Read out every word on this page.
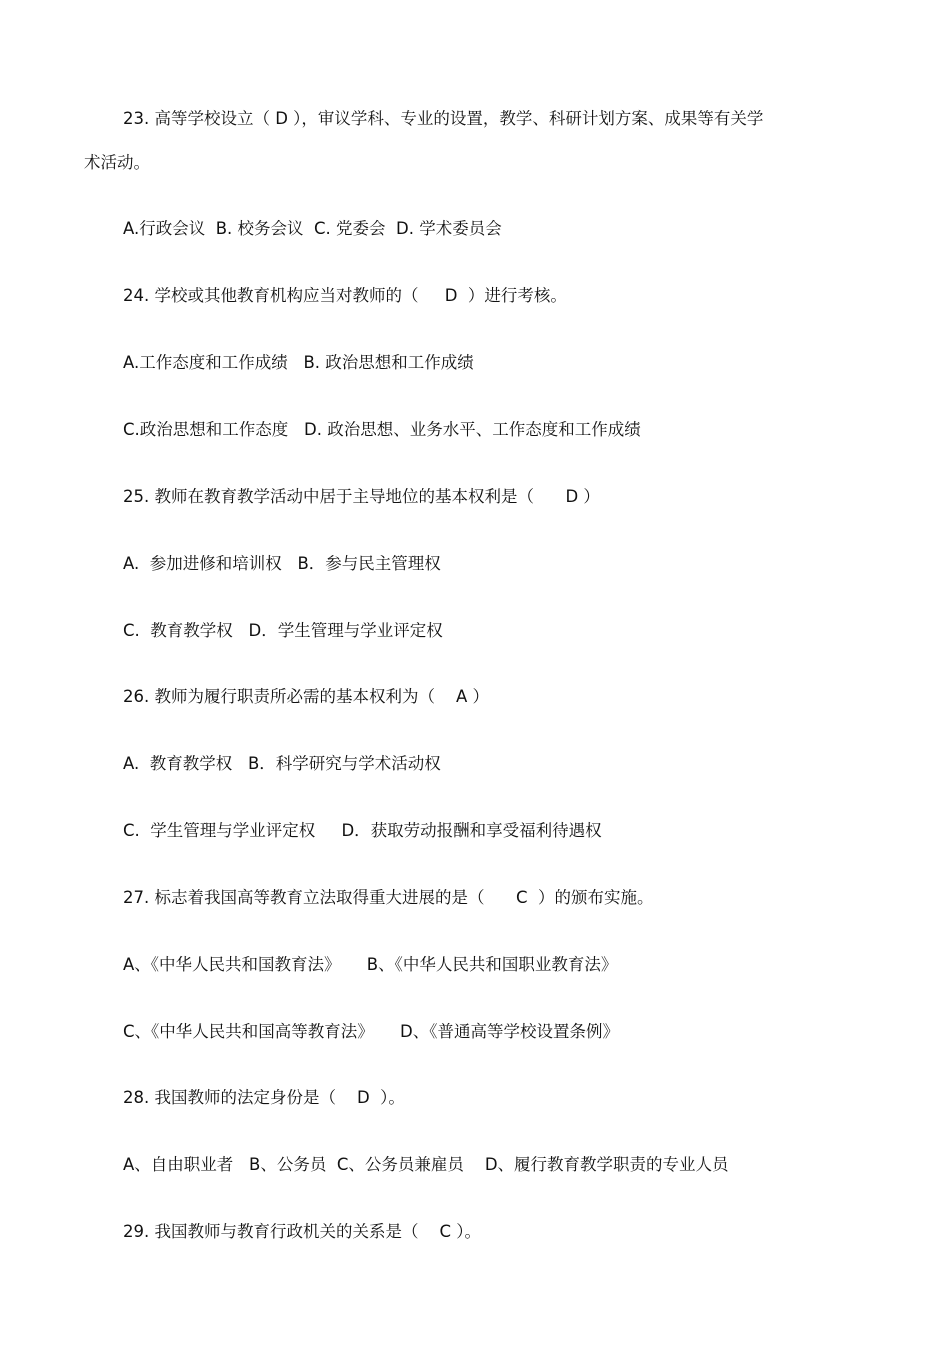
23. 高等学校设立（ D ），审议学科、专业的设置，教学、科研计划方案、成果等有关学
术活动。
A.行政会议  B. 校务会议  C. 党委会  D. 学术委员会
24. 学校或其他教育机构应当对教师的（     D  ）进行考核。
A.工作态度和工作成绩   B. 政治思想和工作成绩
C.政治思想和工作态度   D. 政治思想、业务水平、工作态度和工作成绩
25. 教师在教育教学活动中居于主导地位的基本权利是（      D ）
A.  参加进修和培训权   B．参与民主管理权
C.  教育教学权   D．学生管理与学业评定权
26. 教师为履行职责所必需的基本权利为（    A ）
A.  教育教学权   B．科学研究与学术活动权
C.  学生管理与学业评定权     D．获取劳动报酬和享受福利待遇权
27. 标志着我国高等教育立法取得重大进展的是（      C  ）的颁布实施。
A、《中华人民共和国教育法》     B、《中华人民共和国职业教育法》
C、《中华人民共和国高等教育法》     D、《普通高等学校设置条例》
28. 我国教师的法定身份是（    D  ）。
A、自由职业者   B、公务员  C、公务员兼雇员    D、履行教育教学职责的专业人员
29. 我国教师与教育行政机关的关系是（    C ）。
